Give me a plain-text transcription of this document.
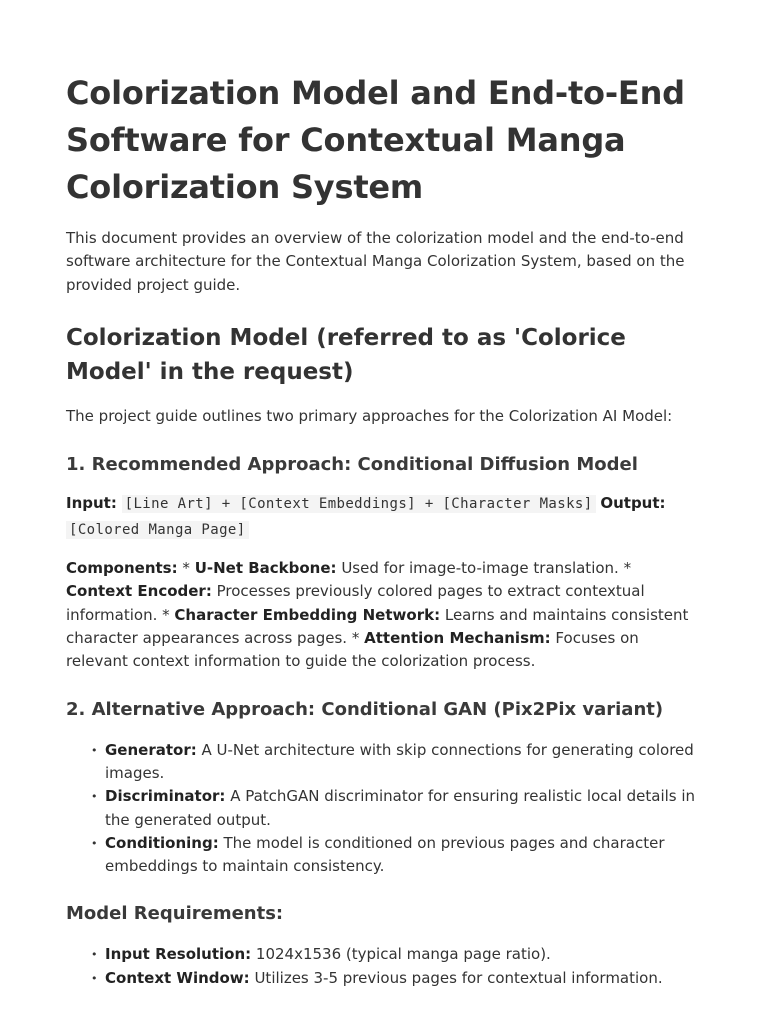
Colorization Model and End-to-End Software for Contextual Manga Colorization System

This document provides an overview of the colorization model and the end-to-end software architecture for the Contextual Manga Colorization System, based on the provided project guide.

Colorization Model (referred to as 'Colorice Model' in the request)

The project guide outlines two primary approaches for the Colorization AI Model:

1. Recommended Approach: Conditional Diffusion Model

Input: [Line Art] + [Context Embeddings] + [Character Masks] Output: [Colored Manga Page]

Components: * U-Net Backbone: Used for image-to-image translation. * Context Encoder: Processes previously colored pages to extract contextual information. * Character Embedding Network: Learns and maintains consistent character appearances across pages. * Attention Mechanism: Focuses on relevant context information to guide the colorization process.

2. Alternative Approach: Conditional GAN (Pix2Pix variant)
• Generator: A U-Net architecture with skip connections for generating colored images.
• Discriminator: A PatchGAN discriminator for ensuring realistic local details in the generated output.
• Conditioning: The model is conditioned on previous pages and character embeddings to maintain consistency.
Model Requirements:
• Input Resolution: 1024x1536 (typical manga page ratio).
• Context Window: Utilizes 3-5 previous pages for contextual information.
